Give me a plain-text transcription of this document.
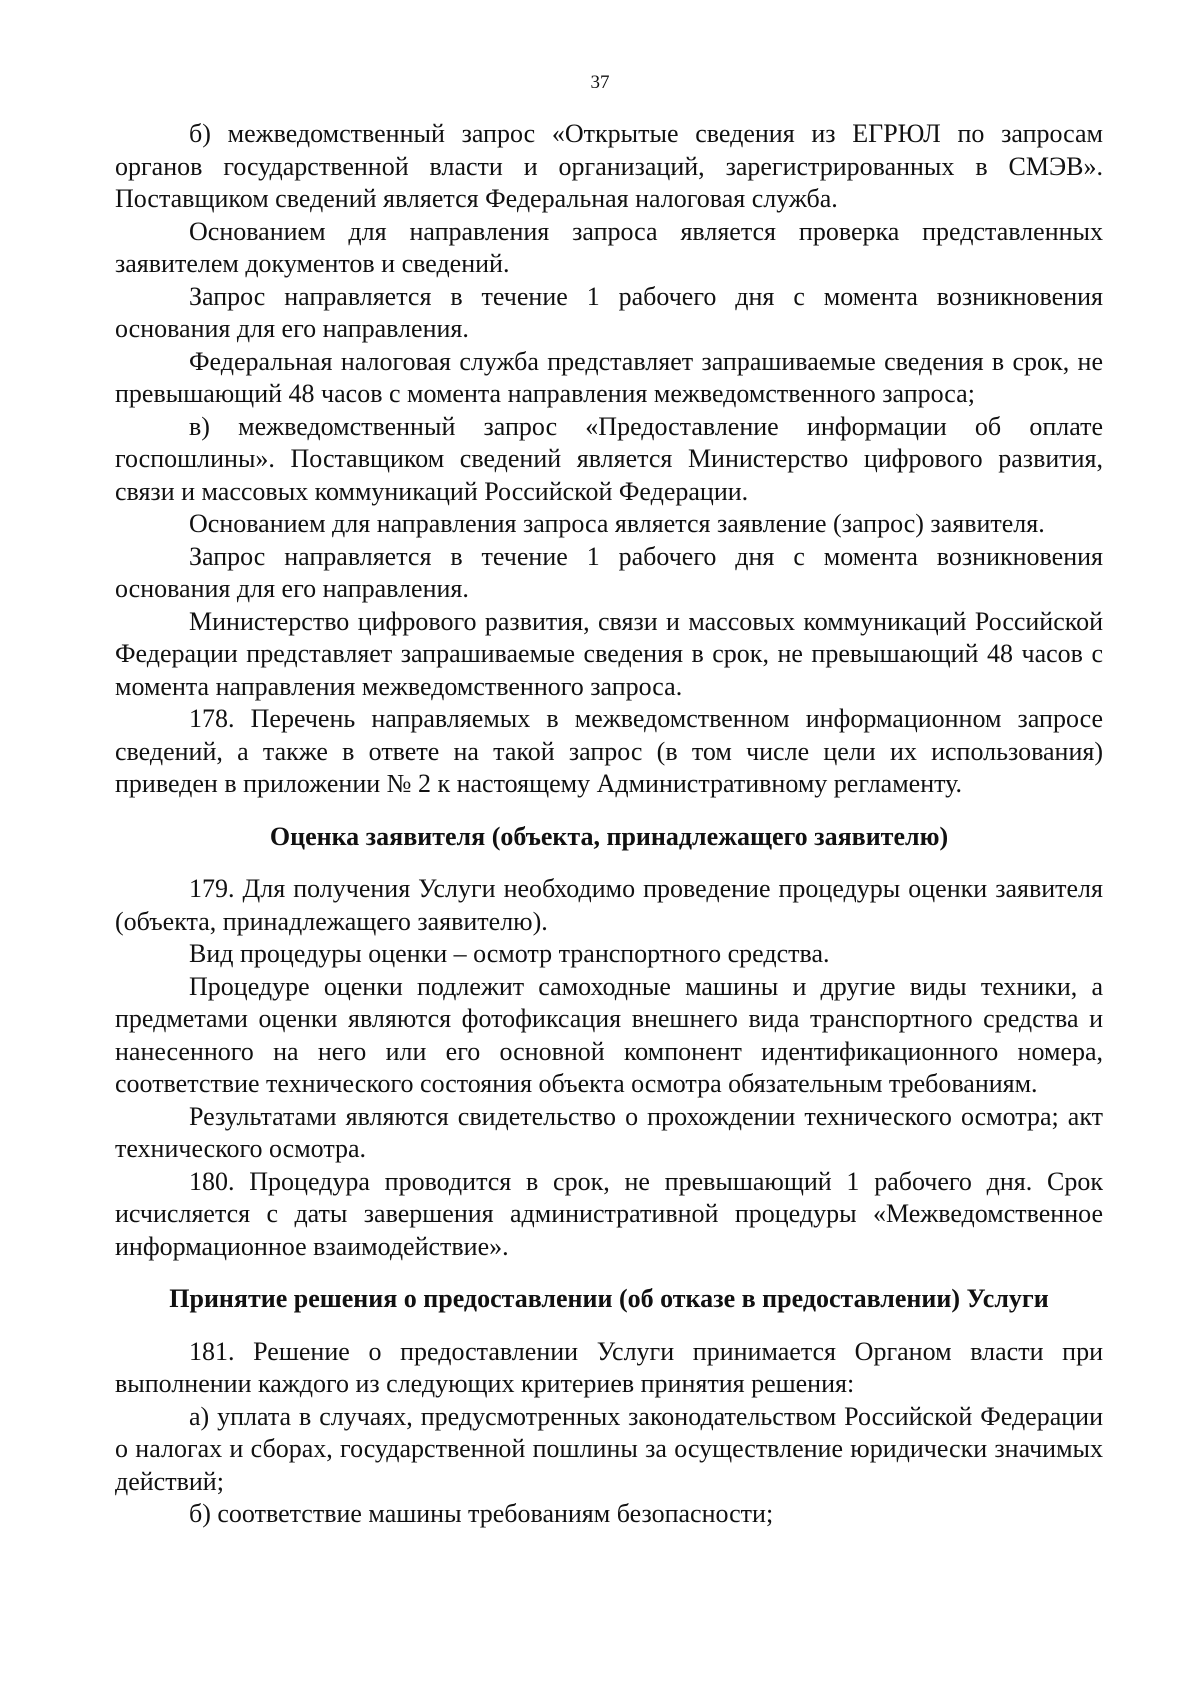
37

б) межведомственный запрос «Открытые сведения из ЕГРЮЛ по запросам органов государственной власти и организаций, зарегистрированных в СМЭВ». Поставщиком сведений является Федеральная налоговая служба.

Основанием для направления запроса является проверка представленных заявителем документов и сведений.

Запрос направляется в течение 1 рабочего дня с момента возникновения основания для его направления.

Федеральная налоговая служба представляет запрашиваемые сведения в срок, не превышающий 48 часов с момента направления межведомственного запроса;

в) межведомственный запрос «Предоставление информации об оплате госпошлины». Поставщиком сведений является Министерство цифрового развития, связи и массовых коммуникаций Российской Федерации.

Основанием для направления запроса является заявление (запрос) заявителя.

Запрос направляется в течение 1 рабочего дня с момента возникновения основания для его направления.

Министерство цифрового развития, связи и массовых коммуникаций Российской Федерации представляет запрашиваемые сведения в срок, не превышающий 48 часов с момента направления межведомственного запроса.

178. Перечень направляемых в межведомственном информационном запросе сведений, а также в ответе на такой запрос (в том числе цели их использования) приведен в приложении № 2 к настоящему Административному регламенту.

Оценка заявителя (объекта, принадлежащего заявителю)

179. Для получения Услуги необходимо проведение процедуры оценки заявителя (объекта, принадлежащего заявителю).

Вид процедуры оценки – осмотр транспортного средства.

Процедуре оценки подлежит самоходные машины и другие виды техники, а предметами оценки являются фотофиксация внешнего вида транспортного средства и нанесенного на него или его основной компонент идентификационного номера, соответствие технического состояния объекта осмотра обязательным требованиям.

Результатами являются свидетельство о прохождении технического осмотра; акт технического осмотра.

180. Процедура проводится в срок, не превышающий 1 рабочего дня. Срок исчисляется с даты завершения административной процедуры «Межведомственное информационное взаимодействие».

Принятие решения о предоставлении (об отказе в предоставлении) Услуги

181. Решение о предоставлении Услуги принимается Органом власти при выполнении каждого из следующих критериев принятия решения:

а) уплата в случаях, предусмотренных законодательством Российской Федерации о налогах и сборах, государственной пошлины за осуществление юридически значимых действий;

б) соответствие машины требованиям безопасности;
